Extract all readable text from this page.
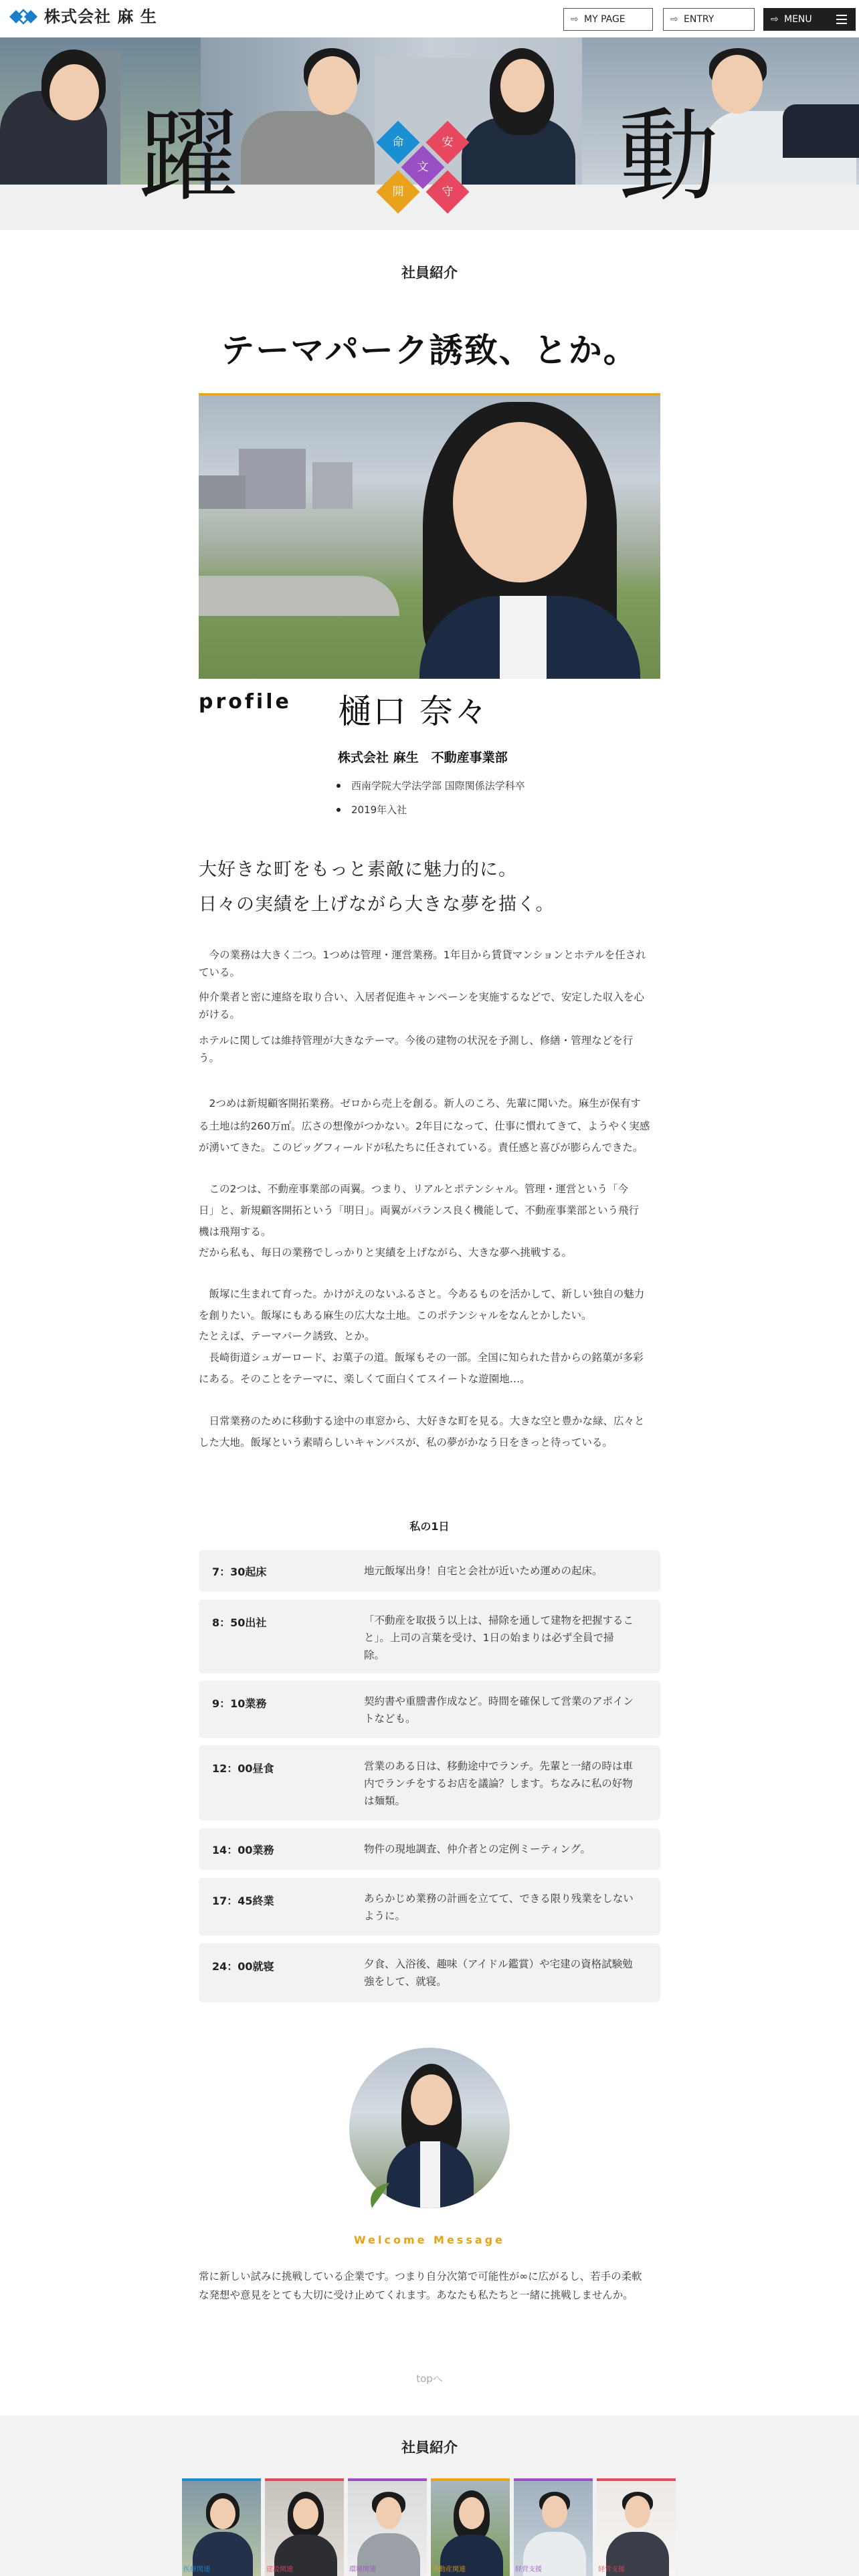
株式会社 麻 生	⇨ MY PAGE	⇨ ENTRY	⇨ MENU
躍	動
命	安
文
開	守
社員紹介
テーマパーク誘致、とか。
profile 樋口 奈々
株式会社 麻生　不動産事業部
西南学院大学法学部 国際関係法学科卒
2019年入社
大好きな町をもっと素敵に魅力的に。
日々の実績を上げながら大きな夢を描く。
　今の業務は大きく二つ。1つめは管理・運営業務。1年目から賃貸マンションとホテルを任され
ている。
仲介業者と密に連絡を取り合い、入居者促進キャンペーンを実施するなどで、安定した収入を心
がける。
ホテルに関しては維持管理が大きなテーマ。今後の建物の状況を予測し、修繕・管理などを行
う。
　2つめは新規顧客開拓業務。ゼロから売上を創る。新人のころ、先輩に聞いた。麻生が保有す
る土地は約260万㎡。広さの想像がつかない。2年目になって、仕事に慣れてきて、ようやく実感
が湧いてきた。このビッグフィールドが私たちに任されている。責任感と喜びが膨らんできた。
　この2つは、不動産事業部の両翼。つまり、リアルとポテンシャル。管理・運営という「今
日」と、新規顧客開拓という「明日」。両翼がバランス良く機能して、不動産事業部という飛行
機は飛翔する。
だから私も、毎日の業務でしっかりと実績を上げながら、大きな夢へ挑戦する。
　飯塚に生まれて育った。かけがえのないふるさと。今あるものを活かして、新しい独自の魅力
を創りたい。飯塚にもある麻生の広大な土地。このポテンシャルをなんとかしたい。
たとえば、テーマパーク誘致、とか。
　長崎街道シュガーロード、お菓子の道。飯塚もその一部。全国に知られた昔からの銘菓が多彩
にある。そのことをテーマに、楽しくて面白くてスイートな遊園地…。
　日常業務のために移動する途中の車窓から、大好きな町を見る。大きな空と豊かな緑、広々と
した大地。飯塚という素晴らしいキャンバスが、私の夢がかなう日をきっと待っている。
私の1日
7：30起床	地元飯塚出身！自宅と会社が近いため運めの起床。
8：50出社	「不動産を取扱う以上は、掃除を通して建物を把握するこ
と」。上司の言葉を受け、1日の始まりは必ず全員で掃
除。
9：10業務	契約書や重謄書作成など。時間を確保して営業のアポイン
トなども。
12：00昼食	営業のある日は、移動途中でランチ。先輩と一緒の時は車
内でランチをするお店を議論？します。ちなみに私の好物
は麺類。
14：00業務	物件の現地調査、仲介者との定例ミーティング。
17：45終業	あらかじめ業務の計画を立てて、できる限り残業をしない
ように。
24：00就寝	夕食、入浴後、趣味（アイドル鑑賞）や宅建の資格試験勉
強をして、就寝。
Welcome Message
常に新しい試みに挑戦している企業です。つまり自分次第で可能性が∞に広がるし、若手の柔軟
な発想や意見をとても大切に受け止めてくれます。あなたも私たちと一緒に挑戦しませんか。
topへ
社員紹介
医療関連	建設関連	環境関連	不動産関連	経営支援	経営支援
